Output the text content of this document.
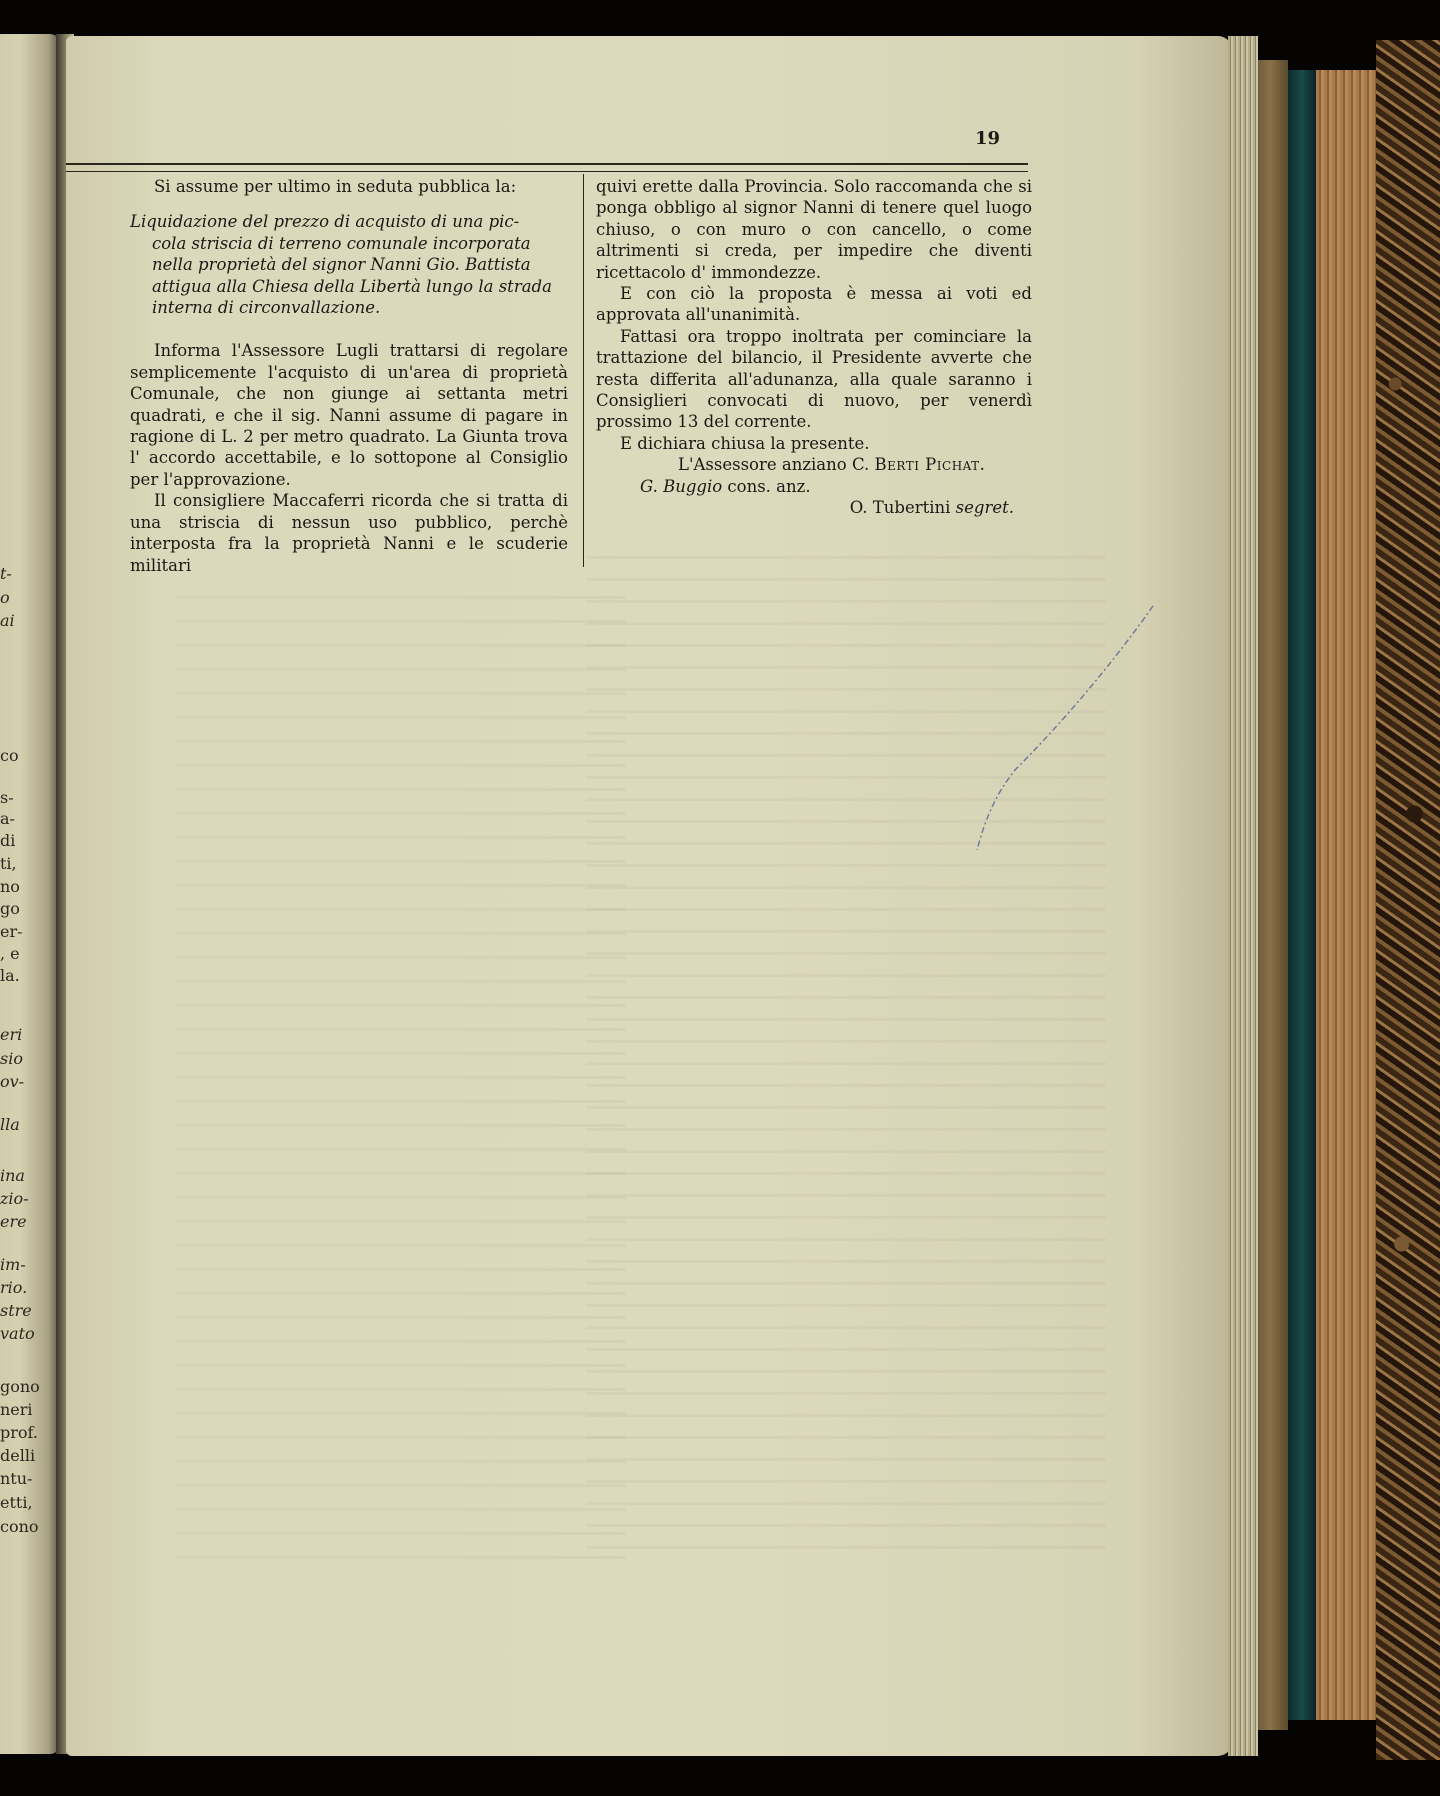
t-
o
ai
co
s-
a-
di
ti,
no
go
er-
, e
la.
eri
sio
ov-
lla
ina
zio-
ere
im-
rio.
stre
vato
gono
neri
prof.
delli
ntu-
etti,
cono
19

Si assume per ultimo in seduta pubblica la:

Liquidazione del prezzo di acquisto di una pic-
cola striscia di terreno comunale incorporata
nella proprietà del signor Nanni Gio. Battista
attigua alla Chiesa della Libertà lungo la strada
interna di circonvallazione.

Informa l'Assessore Lugli trattarsi di regolare semplicemente l'acquisto di un'area di proprietà Comunale, che non giunge ai settanta metri quadrati, e che il sig. Nanni assume di pagare in ragione di L. 2 per metro quadrato. La Giunta trova l' accordo accettabile, e lo sottopone al Consiglio per l'approvazione.

Il consigliere Maccaferri ricorda che si tratta di una striscia di nessun uso pubblico, perchè interposta fra la proprietà Nanni e le scuderie militari

quivi erette dalla Provincia. Solo raccomanda che si ponga obbligo al signor Nanni di tenere quel luogo chiuso, o con muro o con cancello, o come altrimenti si creda, per impedire che diventi ricettacolo d' immondezze.

E con ciò la proposta è messa ai voti ed approvata all'unanimità.

Fattasi ora troppo inoltrata per cominciare la trattazione del bilancio, il Presidente avverte che resta differita all'adunanza, alla quale saranno i Consiglieri convocati di nuovo, per venerdì prossimo 13 del corrente.

E dichiara chiusa la presente.

L'Assessore anziano C. Berti Pichat.

G. Buggio cons. anz.

O. Tubertini segret.
